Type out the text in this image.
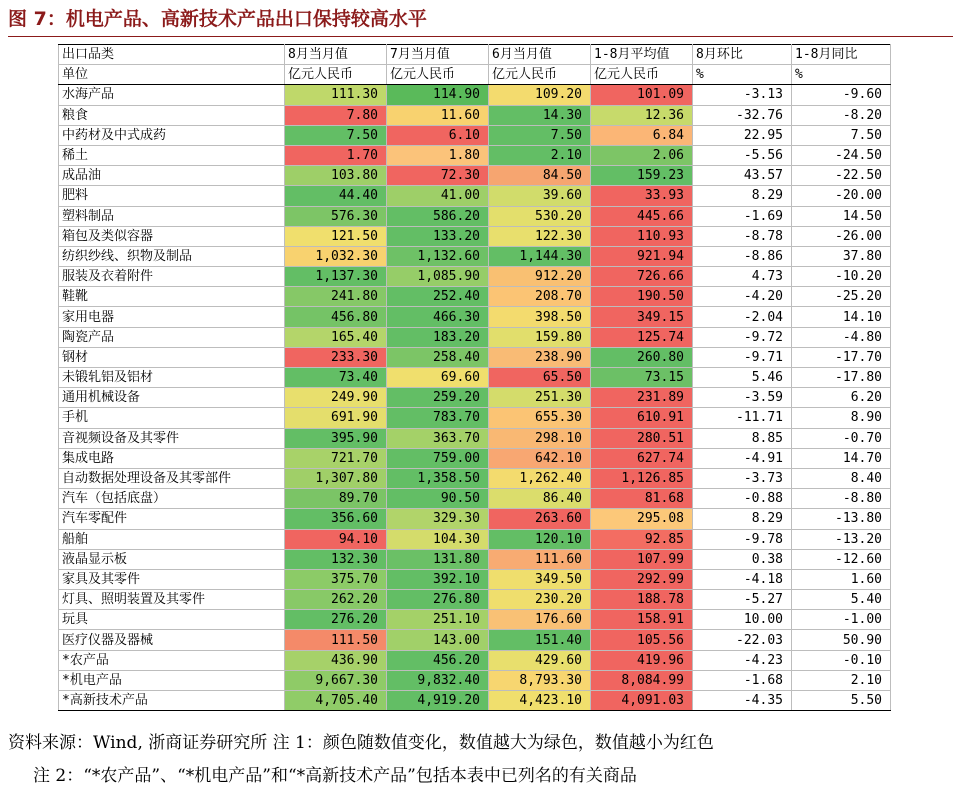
图 7：机电产品、高新技术产品出口保持较高水平
出口品类	8月当月值	7月当月值	6月当月值	1-8月平均值	8月环比	1-8月同比
单位	亿元人民币	亿元人民币	亿元人民币	亿元人民币	%	%
水海产品	111.30	114.90	109.20	101.09	-3.13	-9.60
粮食	7.80	11.60	14.30	12.36	-32.76	-8.20
中药材及中式成药	7.50	6.10	7.50	6.84	22.95	7.50
稀土	1.70	1.80	2.10	2.06	-5.56	-24.50
成品油	103.80	72.30	84.50	159.23	43.57	-22.50
肥料	44.40	41.00	39.60	33.93	8.29	-20.00
塑料制品	576.30	586.20	530.20	445.66	-1.69	14.50
箱包及类似容器	121.50	133.20	122.30	110.93	-8.78	-26.00
纺织纱线、织物及制品	1,032.30	1,132.60	1,144.30	921.94	-8.86	37.80
服装及衣着附件	1,137.30	1,085.90	912.20	726.66	4.73	-10.20
鞋靴	241.80	252.40	208.70	190.50	-4.20	-25.20
家用电器	456.80	466.30	398.50	349.15	-2.04	14.10
陶瓷产品	165.40	183.20	159.80	125.74	-9.72	-4.80
钢材	233.30	258.40	238.90	260.80	-9.71	-17.70
未锻轧铝及铝材	73.40	69.60	65.50	73.15	5.46	-17.80
通用机械设备	249.90	259.20	251.30	231.89	-3.59	6.20
手机	691.90	783.70	655.30	610.91	-11.71	8.90
音视频设备及其零件	395.90	363.70	298.10	280.51	8.85	-0.70
集成电路	721.70	759.00	642.10	627.74	-4.91	14.70
自动数据处理设备及其零部件	1,307.80	1,358.50	1,262.40	1,126.85	-3.73	8.40
汽车（包括底盘）	89.70	90.50	86.40	81.68	-0.88	-8.80
汽车零配件	356.60	329.30	263.60	295.08	8.29	-13.80
船舶	94.10	104.30	120.10	92.85	-9.78	-13.20
液晶显示板	132.30	131.80	111.60	107.99	0.38	-12.60
家具及其零件	375.70	392.10	349.50	292.99	-4.18	1.60
灯具、照明装置及其零件	262.20	276.80	230.20	188.78	-5.27	5.40
玩具	276.20	251.10	176.60	158.91	10.00	-1.00
医疗仪器及器械	111.50	143.00	151.40	105.56	-22.03	50.90
*农产品	436.90	456.20	429.60	419.96	-4.23	-0.10
*机电产品	9,667.30	9,832.40	8,793.30	8,084.99	-1.68	2.10
*高新技术产品	4,705.40	4,919.20	4,423.10	4,091.03	-4.35	5.50
资料来源：Wind, 浙商证券研究所 注 1：颜色随数值变化，数值越大为绿色，数值越小为红色
注 2：“*农产品”、“*机电产品”和“*高新技术产品”包括本表中已列名的有关商品
